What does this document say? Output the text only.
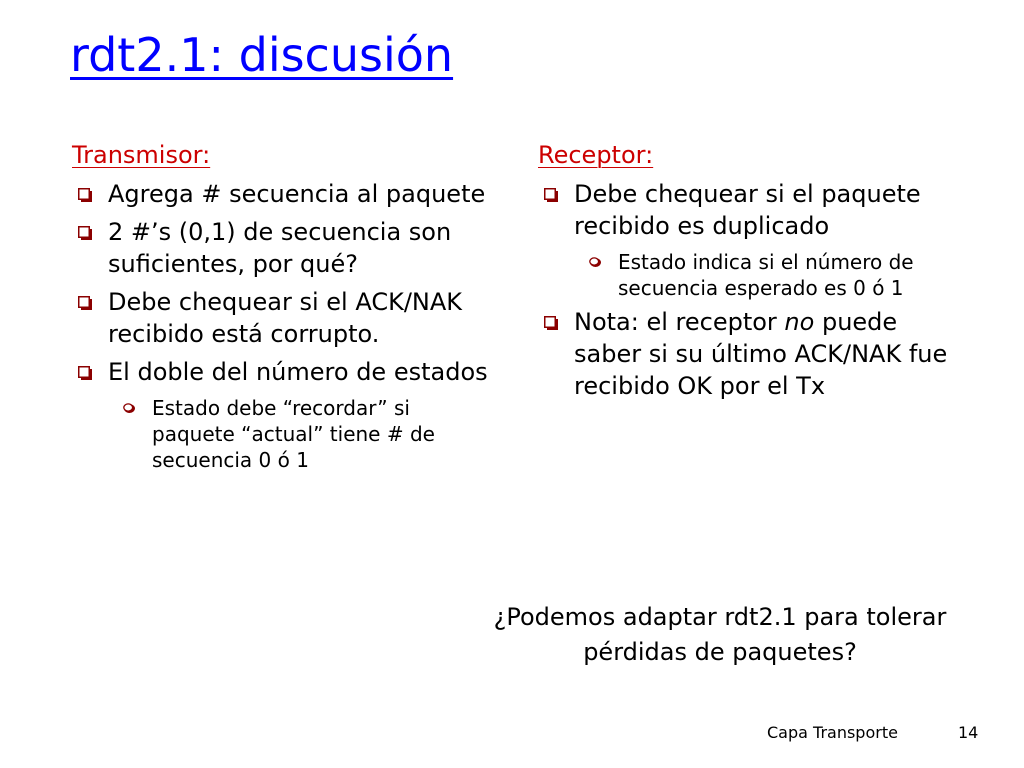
rdt2.1: discusión
Transmisor:
Agrega # secuencia al paquete
2 #’s (0,1) de secuencia son suficientes, por qué?
Debe chequear si el ACK/NAK recibido está corrupto.
El doble del número de estados
Estado debe “recordar” si paquete “actual” tiene # de secuencia 0 ó 1
Receptor:
Debe chequear si el paquete recibido es duplicado
Estado indica si el número de secuencia esperado es 0 ó 1
Nota: el receptor no puede saber si su último ACK/NAK fue recibido OK por el Tx
¿Podemos adaptar rdt2.1 para tolerar pérdidas de paquetes?
Capa Transporte	14
